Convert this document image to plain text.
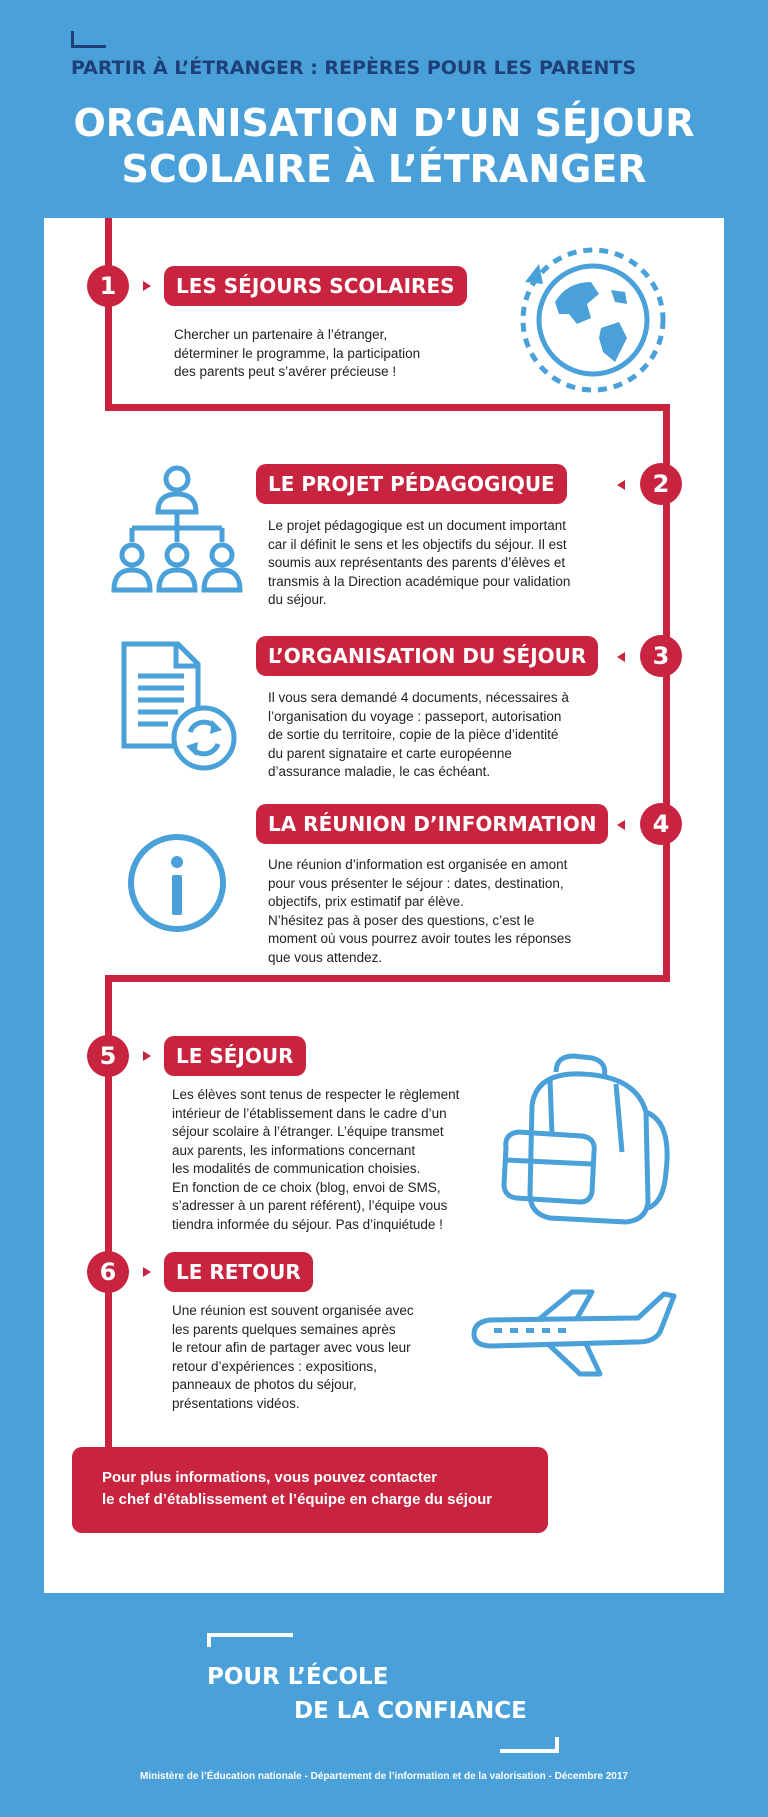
PARTIR À L’ÉTRANGER : REPÈRES POUR LES PARENTS
ORGANISATION D’UN SÉJOUR
SCOLAIRE À L’ÉTRANGER
1	LES SÉJOURS SCOLAIRES
Chercher un partenaire à l’étranger,
déterminer le programme, la participation
des parents peut s’avérer précieuse !
LE PROJET PÉDAGOGIQUE	2
Le projet pédagogique est un document important
car il définit le sens et les objectifs du séjour. Il est
soumis aux représentants des parents d’élèves et
transmis à la Direction académique pour validation
du séjour.
L’ORGANISATION DU SÉJOUR	3
Il vous sera demandé 4 documents, nécessaires à
l’organisation du voyage : passeport, autorisation
de sortie du territoire, copie de la pièce d’identité
du parent signataire et carte européenne
d’assurance maladie, le cas échéant.
LA RÉUNION D’INFORMATION	4
Une réunion d’information est organisée en amont
pour vous présenter le séjour : dates, destination,
objectifs, prix estimatif par élève.
N’hésitez pas à poser des questions, c’est le
moment où vous pourrez avoir toutes les réponses
que vous attendez.
5	LE SÉJOUR
Les élèves sont tenus de respecter le règlement
intérieur de l’établissement dans le cadre d’un
séjour scolaire à l’étranger. L’équipe transmet
aux parents, les informations concernant
les modalités de communication choisies.
En fonction de ce choix (blog, envoi de SMS,
s’adresser à un parent référent), l’équipe vous
tiendra informée du séjour. Pas d’inquiétude !
6	LE RETOUR
Une réunion est souvent organisée avec
les parents quelques semaines après
le retour afin de partager avec vous leur
retour d’expériences : expositions,
panneaux de photos du séjour,
présentations vidéos.
Pour plus informations, vous pouvez contacter
le chef d’établissement et l’équipe en charge du séjour
POUR L’ÉCOLE
DE LA CONFIANCE
Ministère de l’Éducation nationale - Département de l’information et de la valorisation - Décembre 2017
